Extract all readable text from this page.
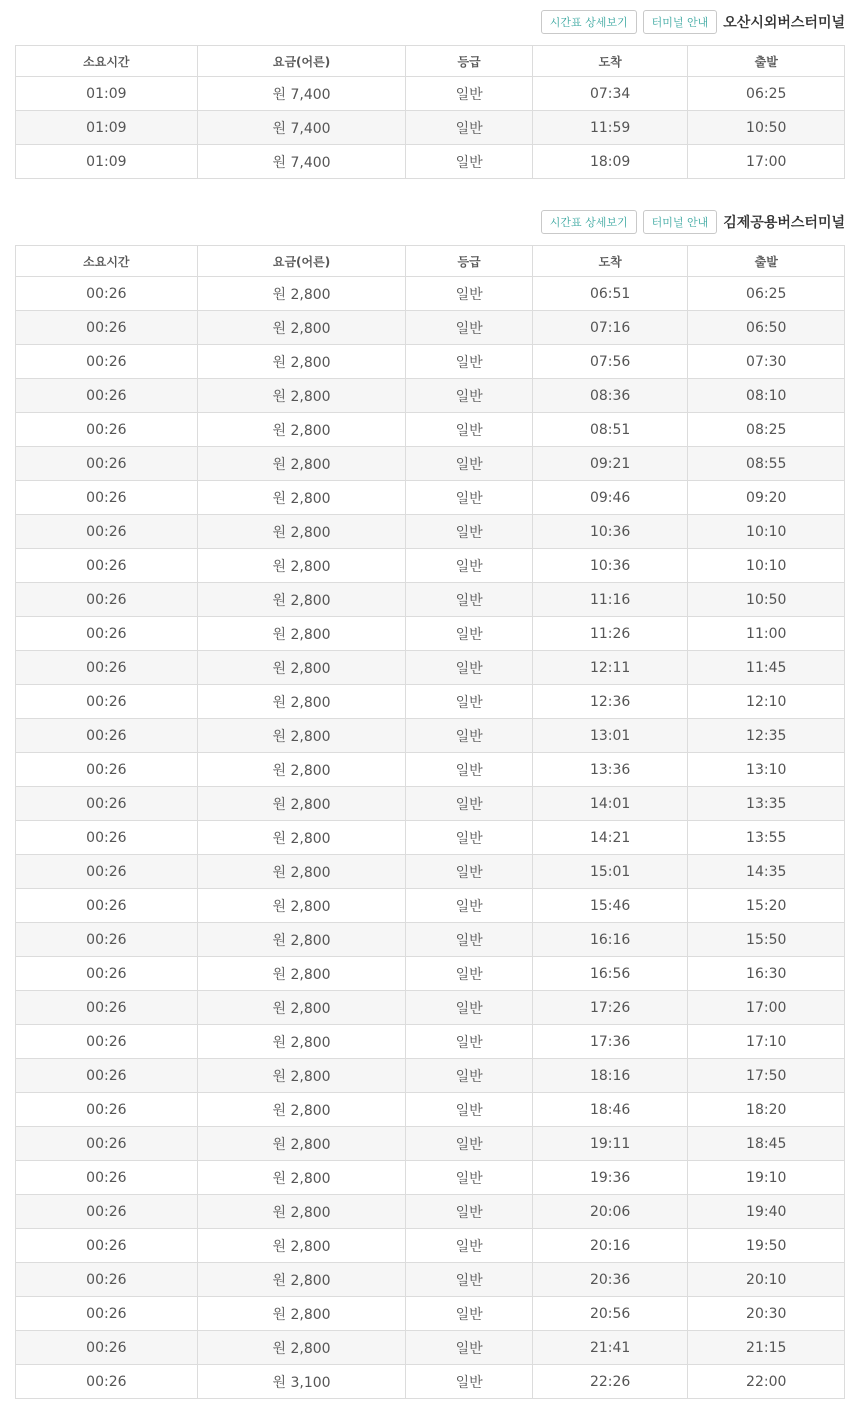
오산시외버스터미널
터미널 안내
시간표 상세보기
출발	도착	등급	요금(어른)	소요시간
06:25	07:34	일반	7,400 원	01:09
10:50	11:59	일반	7,400 원	01:09
17:00	18:09	일반	7,400 원	01:09
김제공용버스터미널
터미널 안내
시간표 상세보기
출발	도착	등급	요금(어른)	소요시간
06:25	06:51	일반	2,800 원	00:26
06:50	07:16	일반	2,800 원	00:26
07:30	07:56	일반	2,800 원	00:26
08:10	08:36	일반	2,800 원	00:26
08:25	08:51	일반	2,800 원	00:26
08:55	09:21	일반	2,800 원	00:26
09:20	09:46	일반	2,800 원	00:26
10:10	10:36	일반	2,800 원	00:26
10:10	10:36	일반	2,800 원	00:26
10:50	11:16	일반	2,800 원	00:26
11:00	11:26	일반	2,800 원	00:26
11:45	12:11	일반	2,800 원	00:26
12:10	12:36	일반	2,800 원	00:26
12:35	13:01	일반	2,800 원	00:26
13:10	13:36	일반	2,800 원	00:26
13:35	14:01	일반	2,800 원	00:26
13:55	14:21	일반	2,800 원	00:26
14:35	15:01	일반	2,800 원	00:26
15:20	15:46	일반	2,800 원	00:26
15:50	16:16	일반	2,800 원	00:26
16:30	16:56	일반	2,800 원	00:26
17:00	17:26	일반	2,800 원	00:26
17:10	17:36	일반	2,800 원	00:26
17:50	18:16	일반	2,800 원	00:26
18:20	18:46	일반	2,800 원	00:26
18:45	19:11	일반	2,800 원	00:26
19:10	19:36	일반	2,800 원	00:26
19:40	20:06	일반	2,800 원	00:26
19:50	20:16	일반	2,800 원	00:26
20:10	20:36	일반	2,800 원	00:26
20:30	20:56	일반	2,800 원	00:26
21:15	21:41	일반	2,800 원	00:26
22:00	22:26	일반	3,100 원	00:26
